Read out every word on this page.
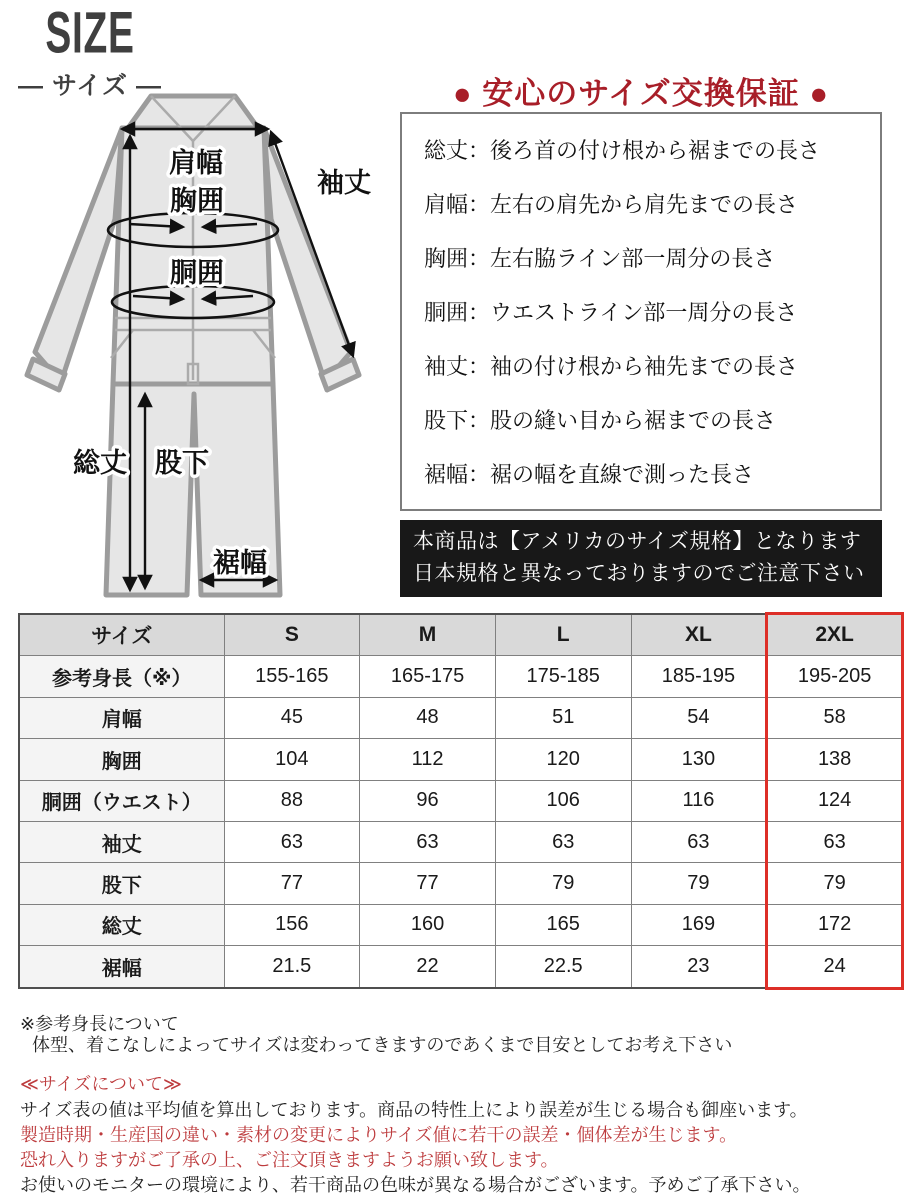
SIZE
― サイズ ―
肩幅
胸囲
胴囲
袖丈
総丈 股下
裾幅
● 安心のサイズ交換保証 ●
総丈：後ろ首の付け根から裾までの長さ
肩幅：左右の肩先から肩先までの長さ
胸囲：左右脇ライン部一周分の長さ
胴囲：ウエストライン部一周分の長さ
袖丈：袖の付け根から袖先までの長さ
股下：股の縫い目から裾までの長さ
裾幅：裾の幅を直線で測った長さ
本商品は【アメリカのサイズ規格】となります
日本規格と異なっておりますのでご注意下さい
サイズ	S	M	L	XL	2XL
参考身長（※）	155-165	165-175	175-185	185-195	195-205
肩幅	45	48	51	54	58
胸囲	104	112	120	130	138
胴囲（ウエスト）	88	96	106	116	124
袖丈	63	63	63	63	63
股下	77	77	79	79	79
総丈	156	160	165	169	172
裾幅	21.5	22	22.5	23	24
※参考身長について
体型、着こなしによってサイズは変わってきますのであくまで目安としてお考え下さい
≪サイズについて≫
サイズ表の値は平均値を算出しております。商品の特性上により誤差が生じる場合も御座います。
製造時期・生産国の違い・素材の変更によりサイズ値に若干の誤差・個体差が生じます。
恐れ入りますがご了承の上、ご注文頂きますようお願い致します。
お使いのモニターの環境により、若干商品の色味が異なる場合がございます。予めご了承下さい。
